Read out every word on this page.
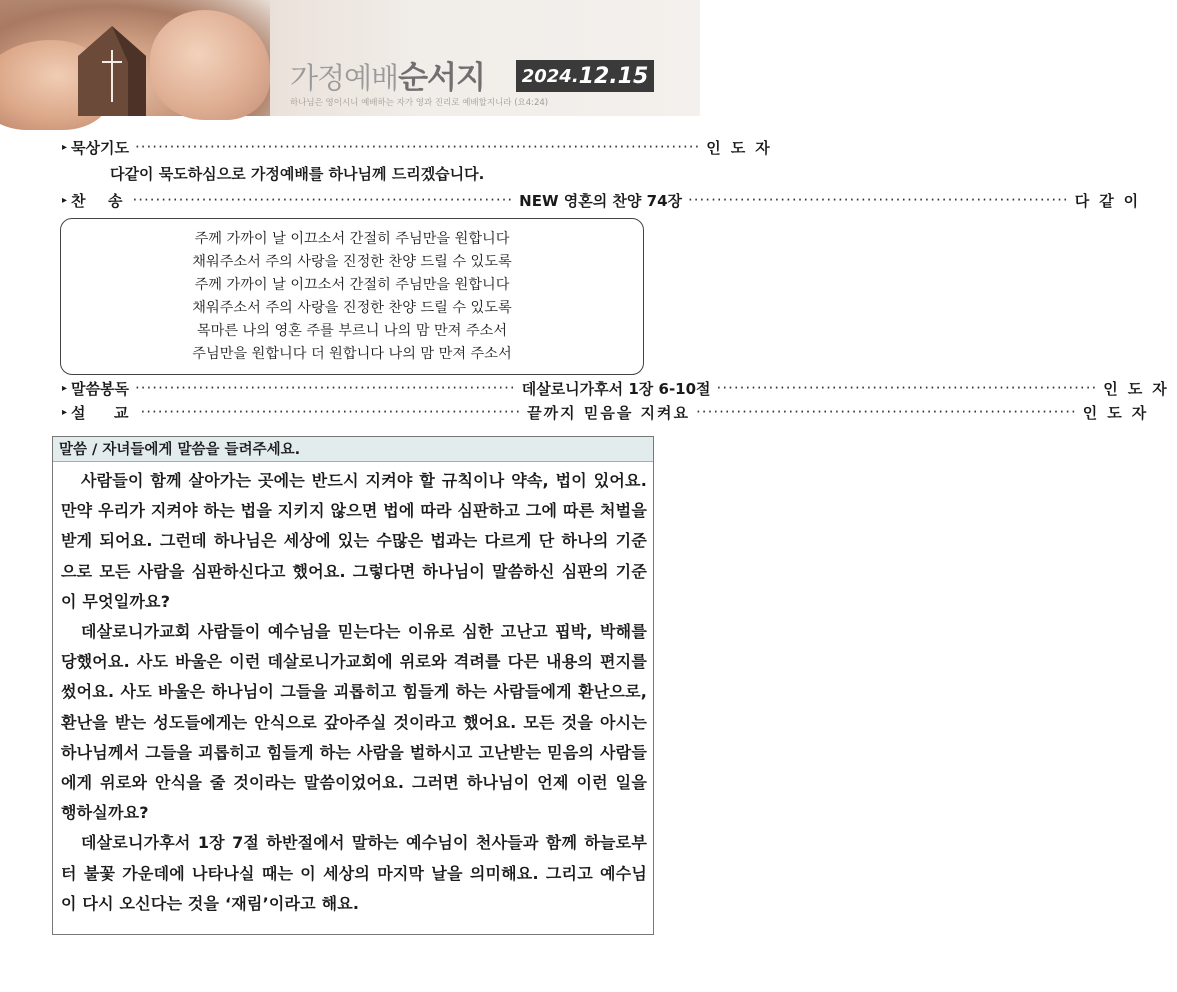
가정예배순서지 2024. 12.15
하나님은 영이시니 예배하는 자가 영과 진리로 예배할지니라 (요4:24)
▸ 묵상기도 ·································································································· 인도자
다같이 묵도하심으로 가정예배를 하나님께 드리겠습니다.
▸ 찬  송 ·································································· NEW 영혼의 찬양 74장 ·································································· 다같이
주께 가까이 날 이끄소서 간절히 주님만을 원합니다
채워주소서 주의 사랑을 진정한 찬양 드릴 수 있도록
주께 가까이 날 이끄소서 간절히 주님만을 원합니다
채워주소서 주의 사랑을 진정한 찬양 드릴 수 있도록
목마른 나의 영혼 주를 부르니 나의 맘 만져 주소서
주님만을 원합니다 더 원합니다 나의 맘 만져 주소서
▸ 말씀봉독 ·································································· 데살로니가후서 1장 6-10절 ·································································· 인도자
▸ 설  교 ·································································· 끝까지 믿음을 지켜요 ·································································· 인도자
말씀 / 자녀들에게 말씀을 들려주세요.

사람들이 함께 살아가는 곳에는 반드시 지켜야 할 규칙이나 약속, 법이 있어요. 만약 우리가 지켜야 하는 법을 지키지 않으면 법에 따라 심판하고 그에 따른 처벌을 받게 되어요. 그런데 하나님은 세상에 있는 수많은 법과는 다르게 단 하나의 기준으로 모든 사람을 심판하신다고 했어요. 그렇다면 하나님이 말씀하신 심판의 기준이 무엇일까요?

데살로니가교회 사람들이 예수님을 믿는다는 이유로 심한 고난고 핍박, 박해를 당했어요. 사도 바울은 이런 데살로니가교회에 위로와 격려를 다믄 내용의 편지를 썼어요. 사도 바울은 하나님이 그들을 괴롭히고 힘들게 하는 사람들에게 환난으로, 환난을 받는 성도들에게는 안식으로 갚아주실 것이라고 했어요. 모든 것을 아시는 하나님께서 그들을 괴롭히고 힘들게 하는 사람을 벌하시고 고난받는 믿음의 사람들에게 위로와 안식을 줄 것이라는 말씀이었어요. 그러면 하나님이 언제 이런 일을 행하실까요?

데살로니가후서 1장 7절 하반절에서 말하는 예수님이 천사들과 함께 하늘로부터 불꽃 가운데에 나타나실 때는 이 세상의 마지막 날을 의미해요. 그리고 예수님이 다시 오신다는 것을 ‘재림’이라고 해요.
